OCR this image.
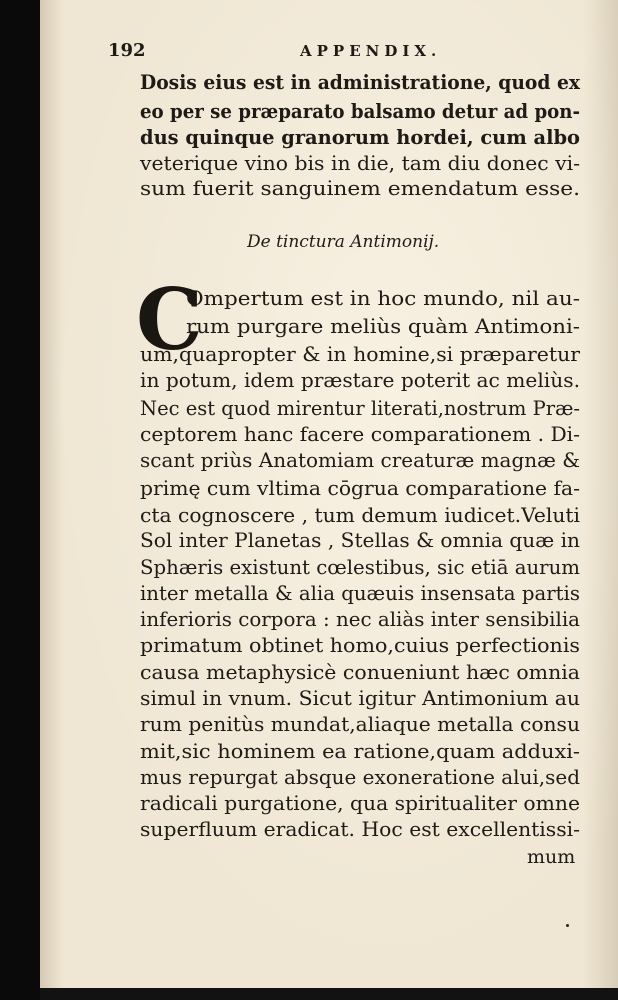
192	APPENDIX.
Dosis eius est in administratione, quod ex
eo per se præparato balsamo detur ad pon-
dus quinque granorum hordei, cum albo
veterique vino bis in die, tam diu donec vi-
sum fuerit sanguinem emendatum esse.
De tinctura Antimonij.
C
Ompertum est in hoc mundo, nil au-
rum purgare meliùs quàm Antimoni-
um,quapropter & in homine,si præparetur
in potum, idem præstare poterit ac meliùs.
Nec est quod mirentur literati,nostrum Præ-
ceptorem hanc facere comparationem . Di-
scant priùs Anatomiam creaturæ magnæ &
primę cum vltima cōgrua comparatione fa-
cta cognoscere , tum demum iudicet.Veluti
Sol inter Planetas , Stellas & omnia quæ in
Sphæris existunt cœlestibus, sic etiā aurum
inter metalla & alia quæuis insensata partis
inferioris corpora : nec aliàs inter sensibilia
primatum obtinet homo,cuius perfectionis
causa metaphysicè conueniunt hæc omnia
simul in vnum. Sicut igitur Antimonium au
rum penitùs mundat,aliaque metalla consu
mit,sic hominem ea ratione,quam adduxi-
mus repurgat absque exoneratione alui,sed
radicali purgatione, qua spiritualiter omne
superfluum eradicat. Hoc est excellentissi-
mum
